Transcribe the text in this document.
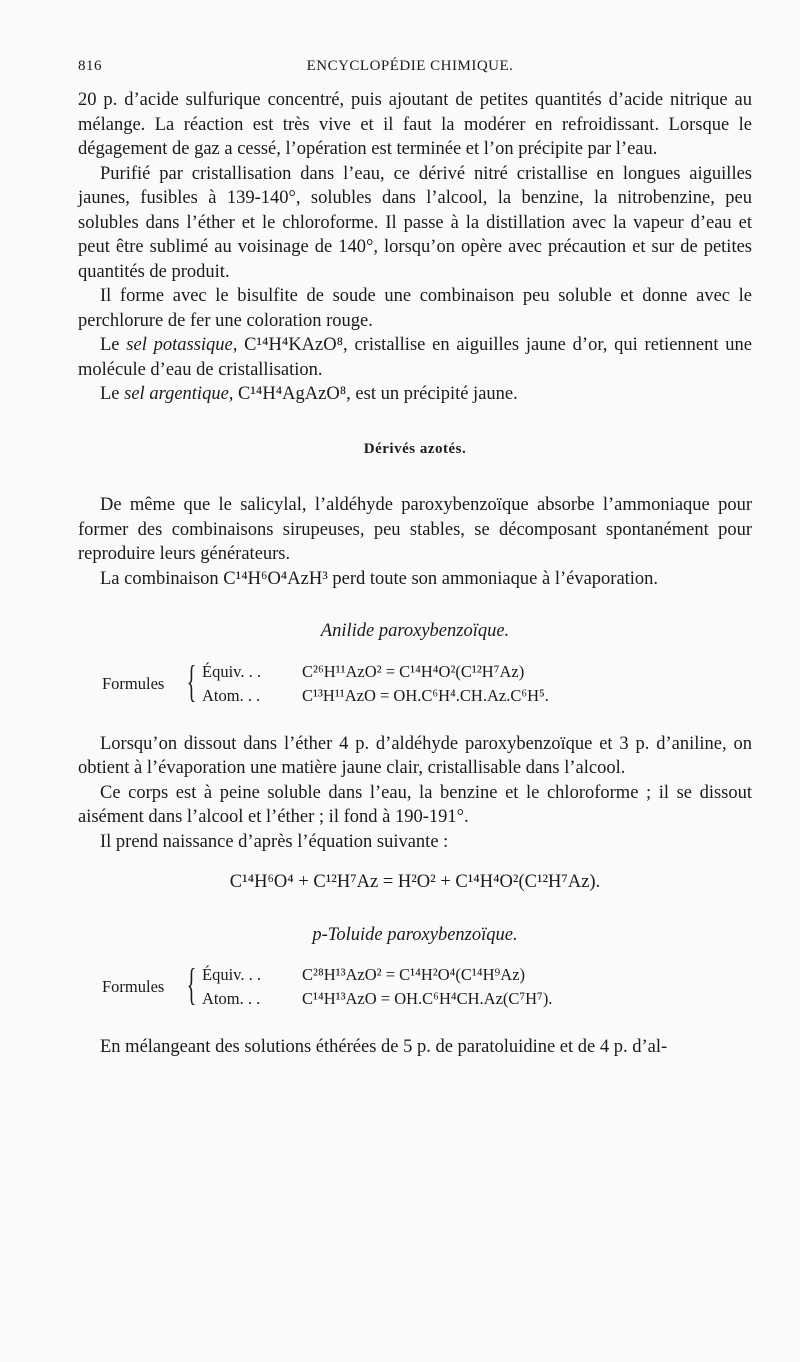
816	ENCYCLOPÉDIE CHIMIQUE.

20 p. d’acide sulfurique concentré, puis ajoutant de petites quantités d’acide nitrique au mélange. La réaction est très vive et il faut la modérer en refroidissant. Lorsque le dégagement de gaz a cessé, l’opération est terminée et l’on précipite par l’eau.

Purifié par cristallisation dans l’eau, ce dérivé nitré cristallise en longues aiguilles jaunes, fusibles à 139-140°, solubles dans l’alcool, la benzine, la nitrobenzine, peu solubles dans l’éther et le chloroforme. Il passe à la distillation avec la vapeur d’eau et peut être sublimé au voisinage de 140°, lorsqu’on opère avec précaution et sur de petites quantités de produit.

Il forme avec le bisulfite de soude une combinaison peu soluble et donne avec le perchlorure de fer une coloration rouge.

Le sel potassique, C¹⁴H⁴KAzO⁸, cristallise en aiguilles jaune d’or, qui retiennent une molécule d’eau de cristallisation.

Le sel argentique, C¹⁴H⁴AgAzO⁸, est un précipité jaune.

Dérivés azotés.

De même que le salicylal, l’aldéhyde paroxybenzoïque absorbe l’ammoniaque pour former des combinaisons sirupeuses, peu stables, se décomposant spontanément pour reproduire leurs générateurs.

La combinaison C¹⁴H⁶O⁴AzH³ perd toute son ammoniaque à l’évaporation.

Anilide paroxybenzoïque.
Formules { Équiv. . . C²⁶H¹¹AzO² = C¹⁴H⁴O²(C¹²H⁷Az)
Atom. . .	C¹³H¹¹AzO = OH.C⁶H⁴.CH.Az.C⁶H⁵.

Lorsqu’on dissout dans l’éther 4 p. d’aldéhyde paroxybenzoïque et 3 p. d’aniline, on obtient à l’évaporation une matière jaune clair, cristallisable dans l’alcool.

Ce corps est à peine soluble dans l’eau, la benzine et le chloroforme ; il se dissout aisément dans l’alcool et l’éther ; il fond à 190-191°.

Il prend naissance d’après l’équation suivante :

C¹⁴H⁶O⁴ + C¹²H⁷Az = H²O² + C¹⁴H⁴O²(C¹²H⁷Az).
p-Toluide paroxybenzoïque.
Formules { Équiv. . . C²⁸H¹³AzO² = C¹⁴H²O⁴(C¹⁴H⁹Az)
Atom. . .	C¹⁴H¹³AzO = OH.C⁶H⁴CH.Az(C⁷H⁷).

En mélangeant des solutions éthérées de 5 p. de paratoluidine et de 4 p. d’al-
